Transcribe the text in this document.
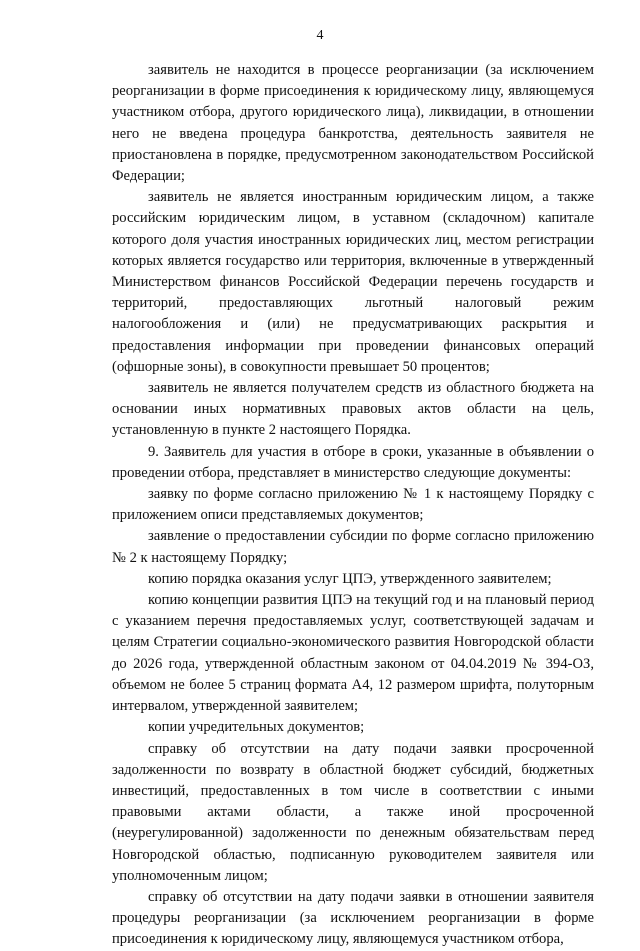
4

заявитель не находится в процессе реорганизации (за исключением реорганизации в форме присоединения к юридическому лицу, являющемуся участником отбора, другого юридического лица), ликвидации, в отношении него не введена процедура банкротства, деятельность заявителя не приостановлена в порядке, предусмотренном законодательством Российской Федерации;

заявитель не является иностранным юридическим лицом, а также российским юридическим лицом, в уставном (складочном) капитале которого доля участия иностранных юридических лиц, местом регистрации которых является государство или территория, включенные в утвержденный Министерством финансов Российской Федерации перечень государств и территорий, предоставляющих льготный налоговый режим налогообложения и (или) не предусматривающих раскрытия и предоставления информации при проведении финансовых операций (офшорные зоны), в совокупности превышает 50 процентов;

заявитель не является получателем средств из областного бюджета на основании иных нормативных правовых актов области на цель, установленную в пункте 2 настоящего Порядка.

9. Заявитель для участия в отборе в сроки, указанные в объявлении о проведении отбора, представляет в министерство следующие документы:

заявку по форме согласно приложению № 1 к настоящему Порядку с приложением описи представляемых документов;

заявление о предоставлении субсидии по форме согласно приложению № 2 к настоящему Порядку;

копию порядка оказания услуг ЦПЭ, утвержденного заявителем;

копию концепции развития ЦПЭ на текущий год и на плановый период с указанием перечня предоставляемых услуг, соответствующей задачам и целям Стратегии социально-экономического развития Новгородской области до 2026 года, утвержденной областным законом от 04.04.2019 № 394-ОЗ, объемом не более 5 страниц формата А4, 12 размером шрифта, полуторным интервалом, утвержденной заявителем;

копии учредительных документов;

справку об отсутствии на дату подачи заявки просроченной задолженности по возврату в областной бюджет субсидий, бюджетных инвестиций, предоставленных в том числе в соответствии с иными правовыми актами области, а также иной просроченной (неурегулированной) задолженности по денежным обязательствам перед Новгородской областью, подписанную руководителем заявителя или уполномоченным лицом;

справку об отсутствии на дату подачи заявки в отношении заявителя процедуры реорганизации (за исключением реорганизации в форме присоединения к юридическому лицу, являющемуся участником отбора,
